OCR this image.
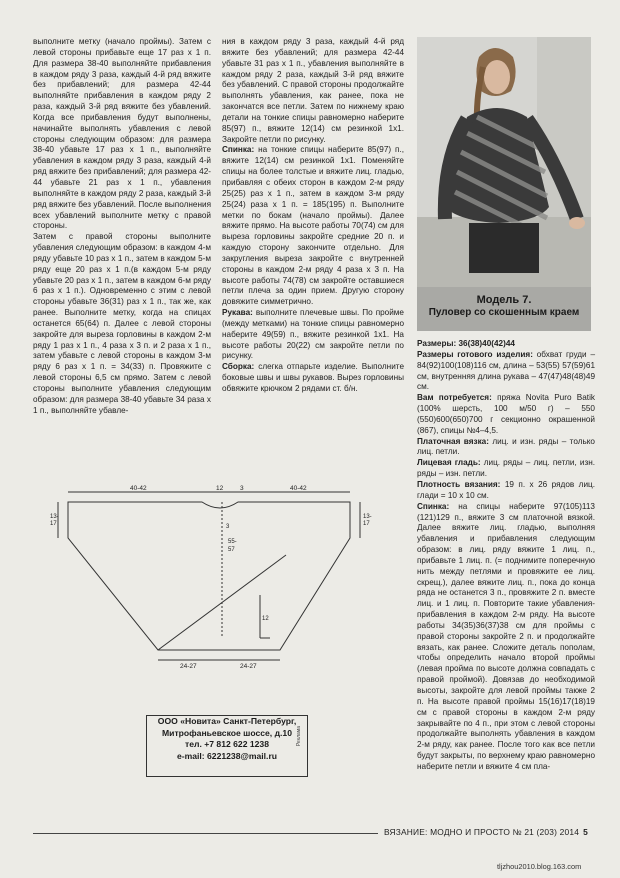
выполните метку (начало проймы). Затем с левой стороны прибавьте еще 17 раз х 1 п. Для размера 38-40 выполняйте прибавления в каждом ряду 3 раза, каждый 4-й ряд вяжите без прибавлений; для размера 42-44 выполняйте прибавления в каждом ряду 2 раза, каждый 3-й ряд вяжите без убавлений. Когда все прибавления будут выполнены, начинайте выполнять убавления с левой стороны следующим образом: для размера 38-40 убавьте 17 раз х 1 п., выполняйте убавления в каждом ряду 3 раза, каждый 4-й ряд вяжите без прибавлений; для размера 42-44 убавьте 21 раз х 1 п., убавления выполняйте в каждом ряду 2 раза, каждый 3-й ряд вяжите без убавлений. После выполнения всех убавлений выполните метку с правой стороны.
Затем с правой стороны выполните убавления следующим образом: в каждом 4-м ряду убавьте 10 раз х 1 п., затем в каждом 5-м ряду еще 20 раз х 1 п.(в каждом 5-м ряду убавьте 20 раз х 1 п., затем в каждом 6-м ряду 6 раз х 1 п.). Одновременно с этим с левой стороны убавьте 36(31) раз х 1 п., так же, как ранее. Выполните метку, когда на спицах останется 65(64) п. Далее с левой стороны закройте для выреза горловины в каждом 2-м ряду 1 раз х 1 п., 4 раза х 3 п. и 2 раза х 1 п., затем убавьте с левой стороны в каждом 3-м ряду 6 раз х 1 п. = 34(33) п. Провяжите с левой стороны 6,5 см прямо. Затем с левой стороны выполните убавления следующим образом: для размера 38-40 убавьте 34 раза х 1 п., выполняйте убавле-
ния в каждом ряду 3 раза, каждый 4-й ряд вяжите без убавлений; для размера 42-44 убавьте 31 раз х 1 п., убавления выполняйте в каждом ряду 2 раза, каждый 3-й ряд вяжите без убавлений. С правой стороны продолжайте выполнять убавления, как ранее, пока не закончатся все петли. Затем по нижнему краю детали на тонкие спицы равномерно наберите 85(97) п., вяжите 12(14) см резинкой 1х1. Закройте петли по рисунку.
Спинка: на тонкие спицы наберите 85(97) п., вяжите 12(14) см резинкой 1х1. Поменяйте спицы на более толстые и вяжите лиц. гладью, прибавляя с обеих сторон в каждом 2-м ряду 25(25) раз х 1 п., затем в каждом 3-м ряду 25(24) раза х 1 п. = 185(195) п. Выполните метки по бокам (начало проймы). Далее вяжите прямо. На высоте работы 70(74) см для выреза горловины закройте средние 20 п. и каждую сторону закончите отдельно. Для закругления выреза закройте с внутренней стороны в каждом 2-м ряду 4 раза х 3 п. На высоте работы 74(78) см закройте оставшиеся петли плеча за один прием. Другую сторону довяжите симметрично.
Рукава: выполните плечевые швы. По пройме (между метками) на тонкие спицы равномерно наберите 49(59) п., вяжите резинкой 1х1. На высоте работы 20(22) см закройте петли по рисунку.
Сборка: слегка отпарьте изделие. Выполните боковые швы и швы рукавов. Вырез горловины обвяжите крючком 2 рядами ст. б/н.
Модель 7.
Пуловер со скошенным краем
Размеры: 36(38)40(42)44
Размеры готового изделия: обхват груди – 84(92)100(108)116 см, длина – 53(55) 57(59)61 см, внутренняя длина рукава – 47(47)48(48)49 см.
Вам потребуется: пряжа Novita Puro Batik (100% шерсть, 100 м/50 г) – 550 (550)600(650)700 г секционно окрашенной (867), спицы №4–4,5.
Платочная вязка: лиц. и изн. ряды – только лиц. петли.
Лицевая гладь: лиц. ряды – лиц. петли, изн. ряды – изн. петли.
Плотность вязания: 19 п. х 26 рядов лиц. глади = 10 х 10 см.
Спинка: на спицы наберите 97(105)113 (121)129 п., вяжите 3 см платочной вязкой. Далее вяжите лиц. гладью, выполняя убавления и прибавления следующим образом: в лиц. ряду вяжите 1 лиц. п., прибавьте 1 лиц. п. (= поднимите поперечную нить между петлями и провяжите ее лиц. скрещ.), далее вяжите лиц. п., пока до конца ряда не останется 3 п., провяжите 2 п. вместе лиц. и 1 лиц. п. Повторите такие убавления-прибавления в каждом 2-м ряду. На высоте работы 34(35)36(37)38 см для проймы с правой стороны закройте 2 п. и продолжайте вязать, как ранее. Сложите деталь пополам, чтобы определить начало второй проймы (левая пройма по высоте должна совпадать с правой проймой). Довязав до необходимой высоты, закройте для левой проймы также 2 п. На высоте правой проймы 15(16)17(18)19 см с правой стороны в каждом 2-м ряду закрывайте по 4 п., при этом с левой стороны продолжайте выполнять убавления в каждом 2-м ряду, как ранее. После того как все петли будут закрыты, по верхнему краю равномерно наберите петли и вяжите 4 см пла-
40-42	12	3	40-42
13-
17
13-
17
3
55-
57
12
24-27	24-27
ООО «Новита» Санкт-Петербург,
Митрофаньевское шоссе, д.10
тел. +7 812 622 1238
e-mail: 6221238@mail.ru
Реклама
ВЯЗАНИЕ: МОДНО И ПРОСТО № 21 (203) 2014 5
tljzhou2010.blog.163.com
